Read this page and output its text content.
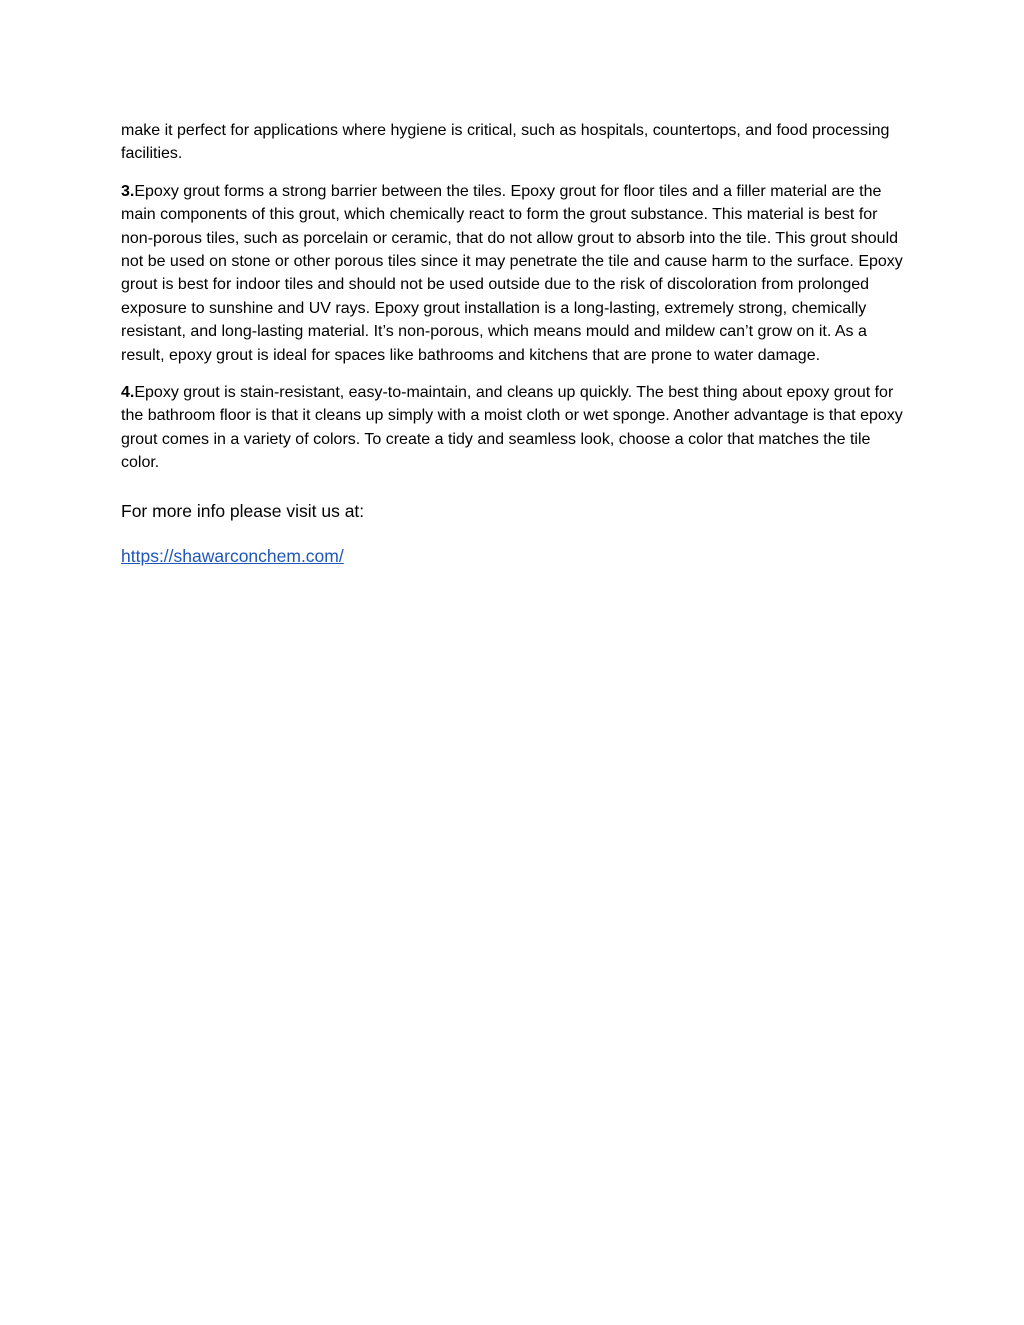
make it perfect for applications where hygiene is critical, such as hospitals, countertops, and food processing facilities.

3.Epoxy grout forms a strong barrier between the tiles. Epoxy grout for floor tiles and a filler material are the main components of this grout, which chemically react to form the grout substance. This material is best for non-porous tiles, such as porcelain or ceramic, that do not allow grout to absorb into the tile. This grout should not be used on stone or other porous tiles since it may penetrate the tile and cause harm to the surface. Epoxy grout is best for indoor tiles and should not be used outside due to the risk of discoloration from prolonged exposure to sunshine and UV rays. Epoxy grout installation is a long-lasting, extremely strong, chemically resistant, and long-lasting material. It’s non-porous, which means mould and mildew can’t grow on it. As a result, epoxy grout is ideal for spaces like bathrooms and kitchens that are prone to water damage.

4.Epoxy grout is stain-resistant, easy-to-maintain, and cleans up quickly. The best thing about epoxy grout for the bathroom floor is that it cleans up simply with a moist cloth or wet sponge. Another advantage is that epoxy grout comes in a variety of colors. To create a tidy and seamless look, choose a color that matches the tile color.

For more info please visit us at:

https://shawarconchem.com/
